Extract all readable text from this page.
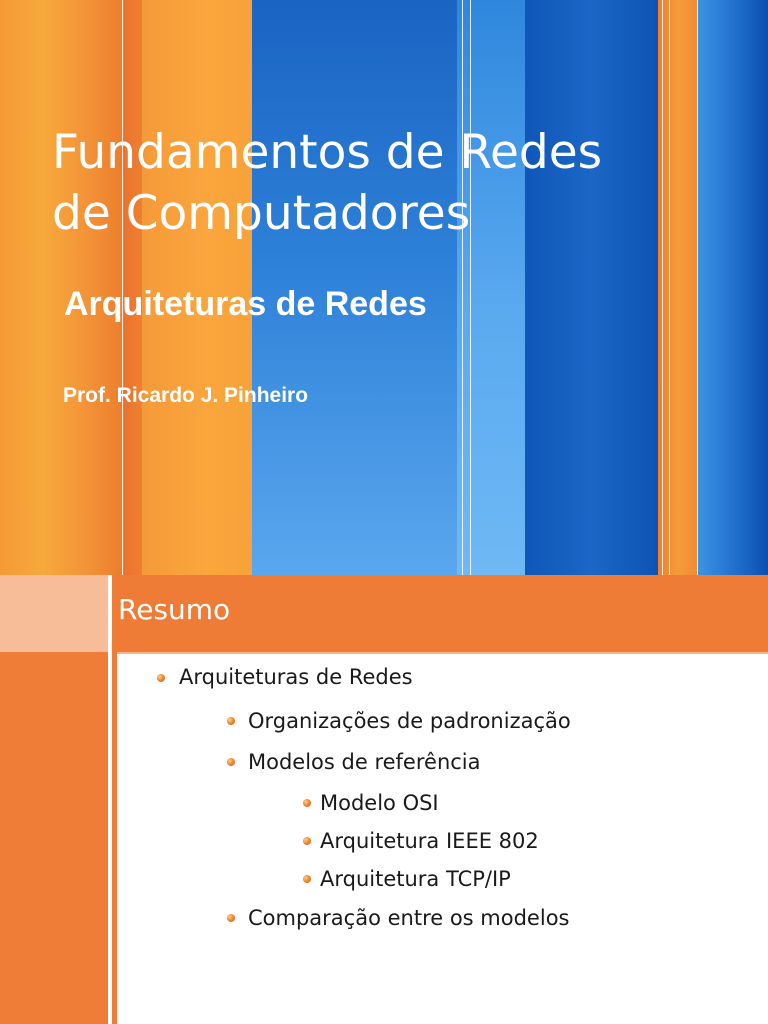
Fundamentos de Redes
de Computadores
Arquiteturas de Redes
Prof. Ricardo J. Pinheiro
Resumo
Arquiteturas de Redes
Organizações de padronização
Modelos de referência
Modelo OSI
Arquitetura IEEE 802
Arquitetura TCP/IP
Comparação entre os modelos
